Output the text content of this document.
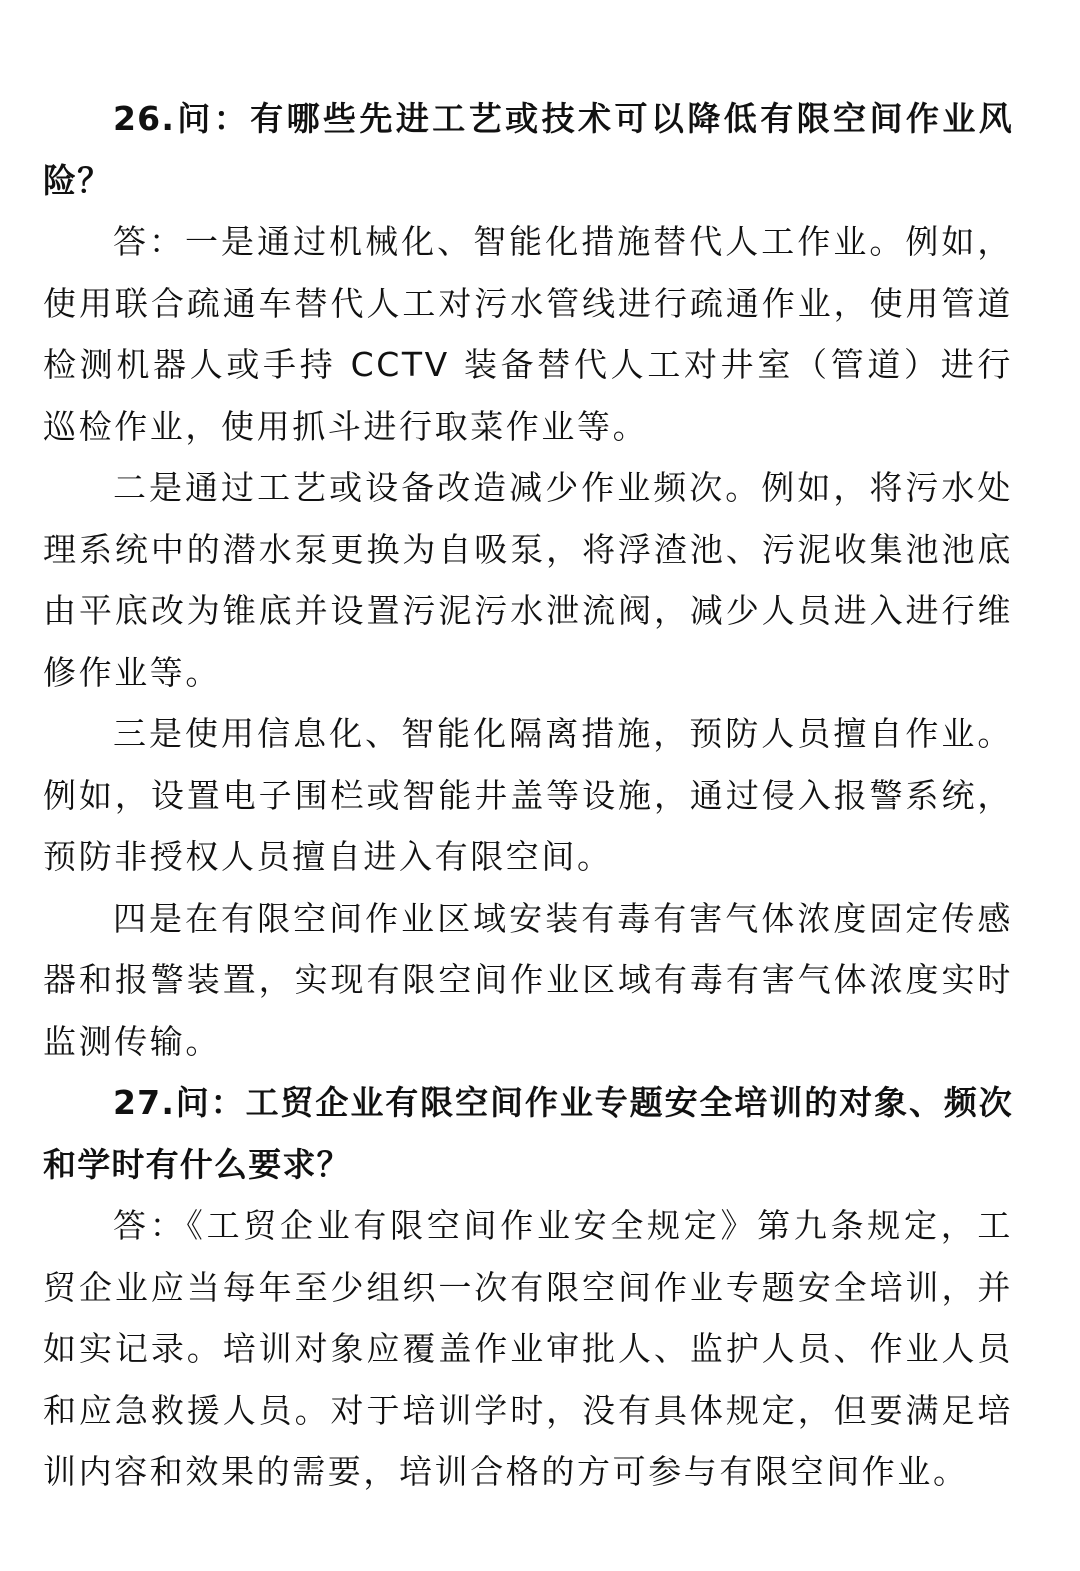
26.问：有哪些先进工艺或技术可以降低有限空间作业风险？

答：一是通过机械化、智能化措施替代人工作业。例如，使用联合疏通车替代人工对污水管线进行疏通作业，使用管道检测机器人或手持 CCTV 装备替代人工对井室（管道）进行巡检作业，使用抓斗进行取菜作业等。

二是通过工艺或设备改造减少作业频次。例如，将污水处理系统中的潜水泵更换为自吸泵，将浮渣池、污泥收集池池底由平底改为锥底并设置污泥污水泄流阀，减少人员进入进行维修作业等。

三是使用信息化、智能化隔离措施，预防人员擅自作业。例如，设置电子围栏或智能井盖等设施，通过侵入报警系统，预防非授权人员擅自进入有限空间。

四是在有限空间作业区域安装有毒有害气体浓度固定传感器和报警装置，实现有限空间作业区域有毒有害气体浓度实时监测传输。

27.问：工贸企业有限空间作业专题安全培训的对象、频次和学时有什么要求？

答：《工贸企业有限空间作业安全规定》第九条规定，工贸企业应当每年至少组织一次有限空间作业专题安全培训，并如实记录。培训对象应覆盖作业审批人、监护人员、作业人员和应急救援人员。对于培训学时，没有具体规定，但要满足培训内容和效果的需要，培训合格的方可参与有限空间作业。
